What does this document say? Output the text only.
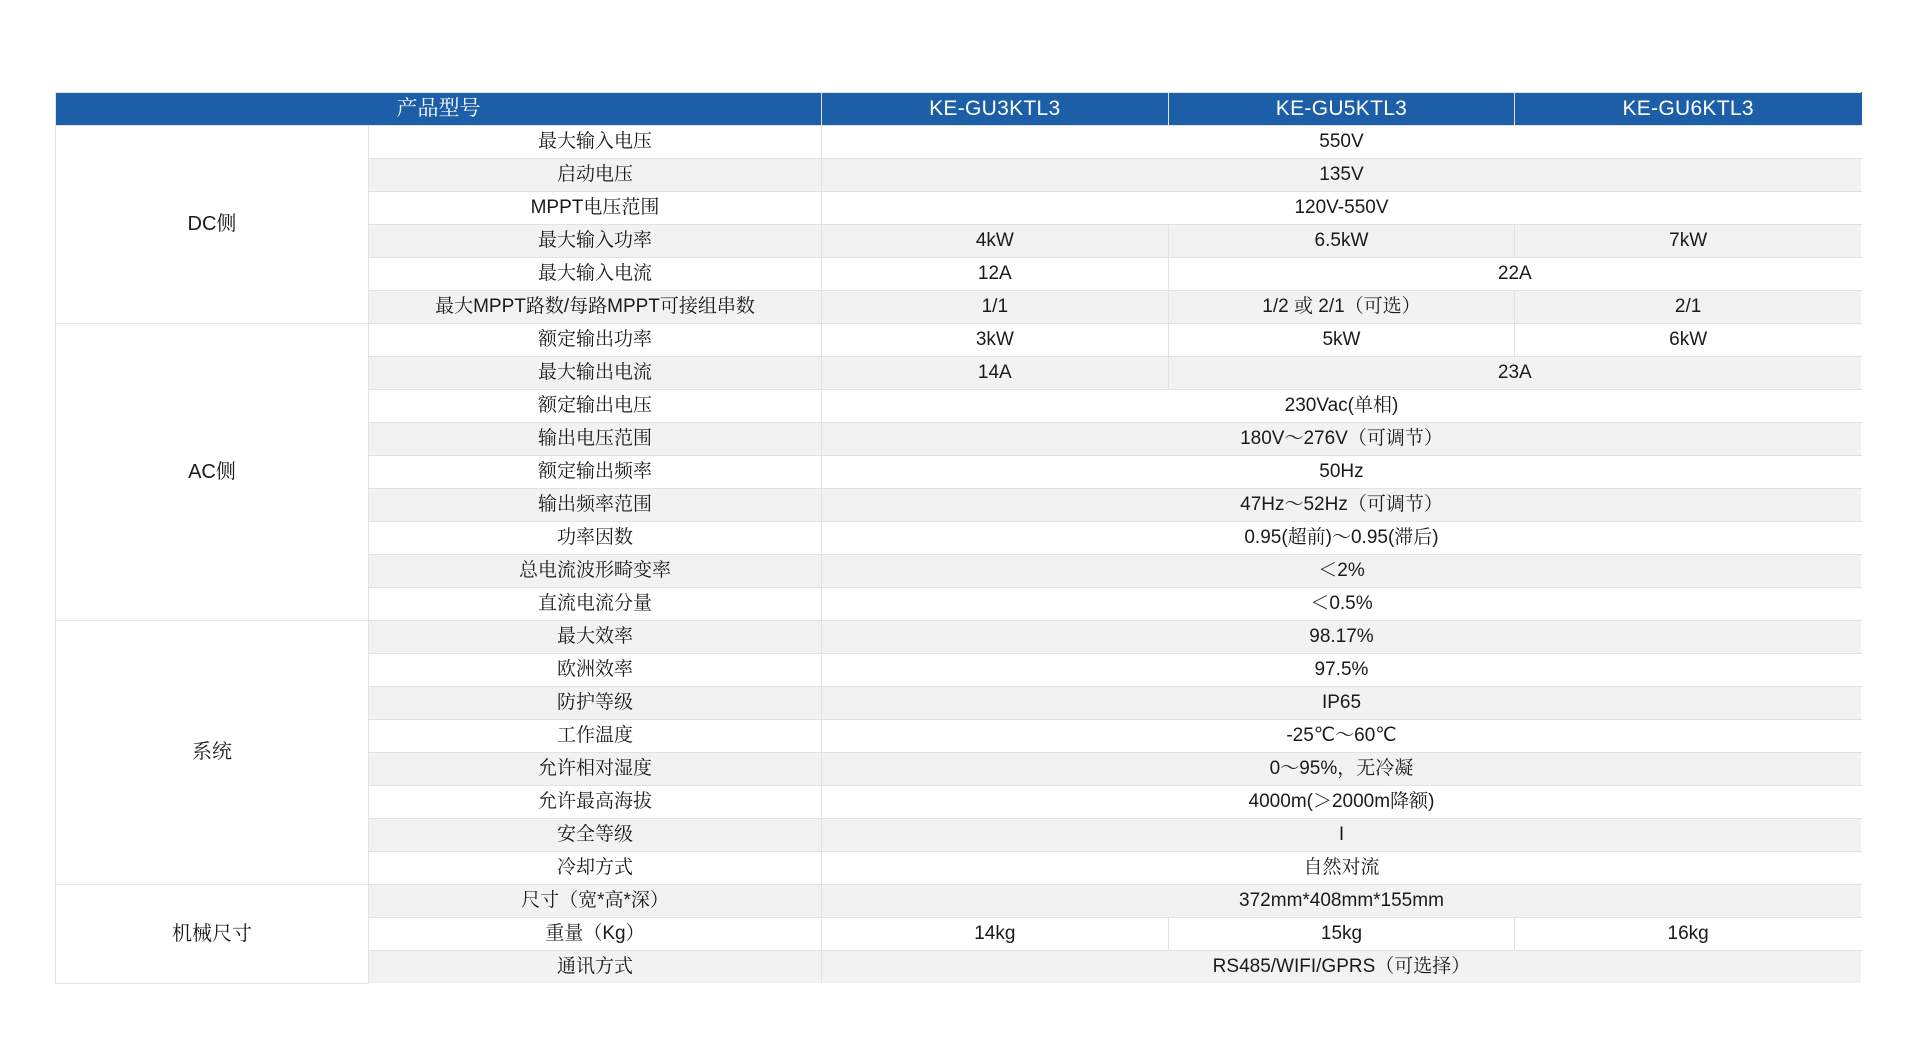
产品型号		KE-GU3KTL3	KE-GU5KTL3	KE-GU6KTL3
DC侧	最大输入电压	550V		
	启动电压	135V		
	MPPT电压范围	120V-550V		
	最大输入功率	4kW	6.5kW	7kW
	最大输入电流	12A	22A	
	最大MPPT路数/每路MPPT可接组串数	1/1	1/2 或 2/1（可选）	2/1
AC侧	额定输出功率	3kW	5kW	6kW
	最大输出电流	14A	23A	
	额定输出电压	230Vac(单相)		
	输出电压范围	180V～276V（可调节）		
	额定输出频率	50Hz		
	输出频率范围	47Hz～52Hz（可调节）		
	功率因数	0.95(超前)～0.95(滞后)		
	总电流波形畸变率	＜2%		
	直流电流分量	＜0.5%		
系统	最大效率	98.17%		
	欧洲效率	97.5%		
	防护等级	IP65		
	工作温度	-25℃～60℃		
	允许相对湿度	0～95%，无冷凝		
	允许最高海拔	4000m(＞2000m降额)		
	安全等级	I		
	冷却方式	自然对流		
机械尺寸	尺寸（宽*高*深）	372mm*408mm*155mm		
	重量（Kg）	14kg	15kg	16kg
	通讯方式	RS485/WIFI/GPRS（可选择）		
